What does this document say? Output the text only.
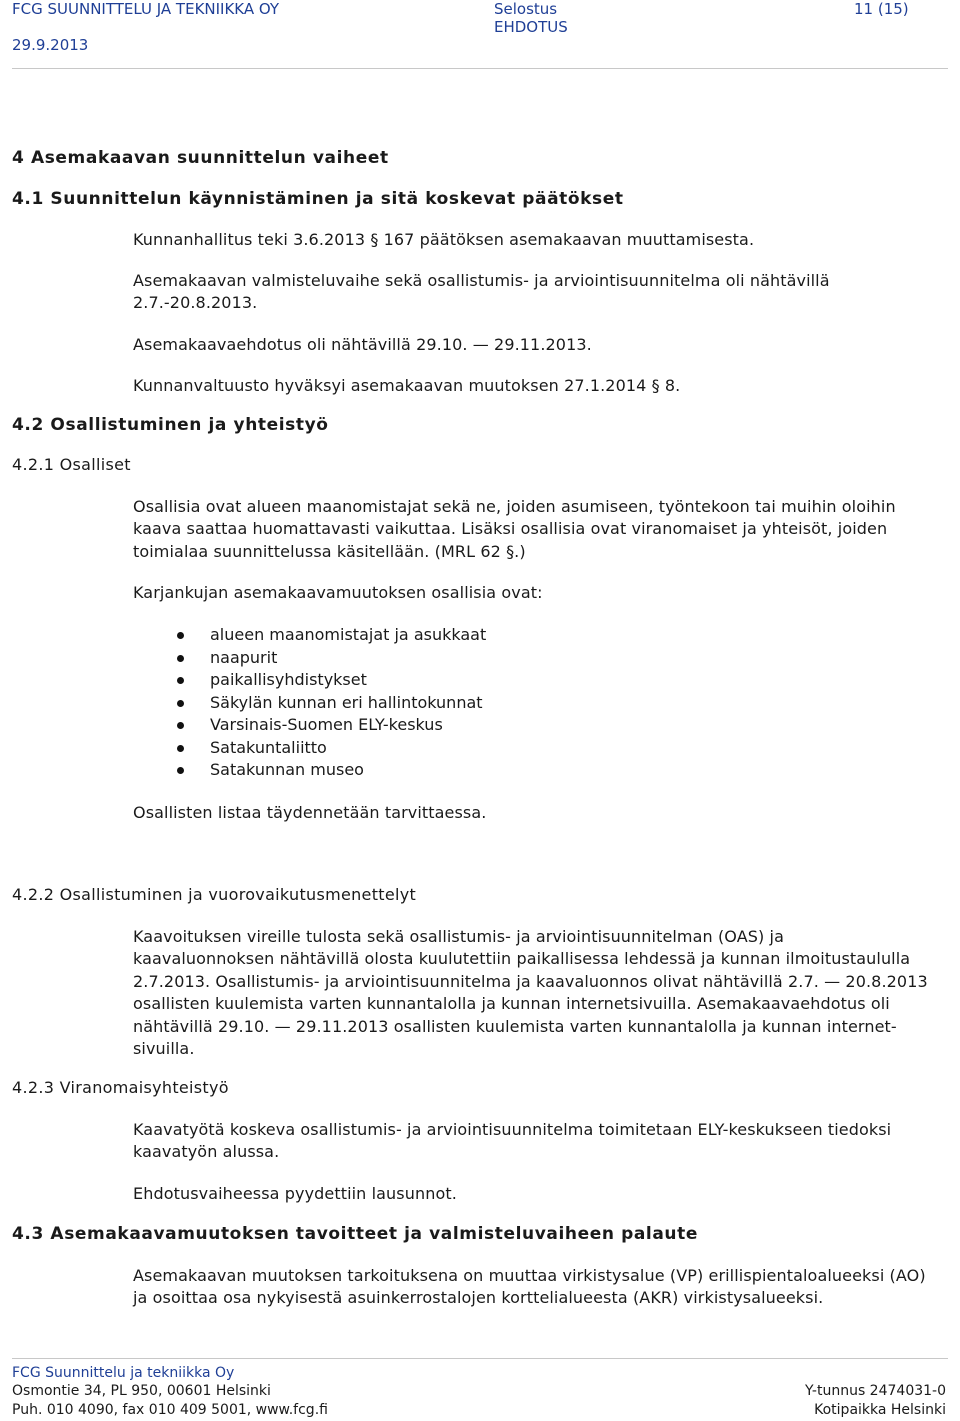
FCG SUUNNITTELU JA TEKNIIKKA OY
29.9.2013
Selostus
EHDOTUS
11 (15)
4 Asemakaavan suunnittelun vaiheet
4.1 Suunnittelun käynnistäminen ja sitä koskevat päätökset
Kunnanhallitus teki 3.6.2013 § 167 päätöksen asemakaavan muuttamisesta.

Asemakaavan valmisteluvaihe sekä osallistumis- ja arviointisuunnitelma oli nähtävillä 2.7.-20.8.2013.

Asemakaavaehdotus oli nähtävillä 29.10. — 29.11.2013.
Kunnanvaltuusto hyväksyi asemakaavan muutoksen 27.1.2014 § 8.
4.2 Osallistuminen ja yhteistyö
4.2.1 Osalliset

Osallisia ovat alueen maanomistajat sekä ne, joiden asumiseen, työntekoon tai muihin oloihin kaava saattaa huomattavasti vaikuttaa. Lisäksi osallisia ovat viranomaiset ja yhteisöt, joiden toimialaa suunnittelussa käsitellään. (MRL 62 §.)

Karjankujan asemakaavamuutoksen osallisia ovat:
alueen maanomistajat ja asukkaat
naapurit
paikallisyhdistykset
Säkylän kunnan eri hallintokunnat
Varsinais-Suomen ELY-keskus
Satakuntaliitto
Satakunnan museo
Osallisten listaa täydennetään tarvittaessa.
4.2.2 Osallistuminen ja vuorovaikutusmenettelyt

Kaavoituksen vireille tulosta sekä osallistumis- ja arviointisuunnitelman (OAS) ja kaavaluonnoksen nähtävillä olosta kuulutettiin paikallisessa lehdessä ja kunnan ilmoitustaululla 2.7.2013. Osallistumis- ja arviointisuunnitelma ja kaavaluonnos olivat nähtävillä 2.7. — 20.8.2013 osallisten kuulemista varten kunnantalolla ja kunnan internetsivuilla. Asemakaavaehdotus oli nähtävillä 29.10. — 29.11.2013 osallisten kuulemista varten kunnantalolla ja kunnan internet-sivuilla.

4.2.3 Viranomaisyhteistyö

Kaavatyötä koskeva osallistumis- ja arviointisuunnitelma toimitetaan ELY-keskukseen tiedoksi kaavatyön alussa.

Ehdotusvaiheessa pyydettiin lausunnot.
4.3 Asemakaavamuutoksen tavoitteet ja valmisteluvaiheen palaute

Asemakaavan muutoksen tarkoituksena on muuttaa virkistysalue (VP) erillispientaloalueeksi (AO) ja osoittaa osa nykyisestä asuinkerrostalojen korttelialueesta (AKR) virkistysalueeksi.

FCG Suunnittelu ja tekniikka Oy
Osmontie 34, PL 950, 00601 Helsinki
Puh. 010 4090, fax 010 409 5001, www.fcg.fi
Y-tunnus 2474031-0
Kotipaikka Helsinki
